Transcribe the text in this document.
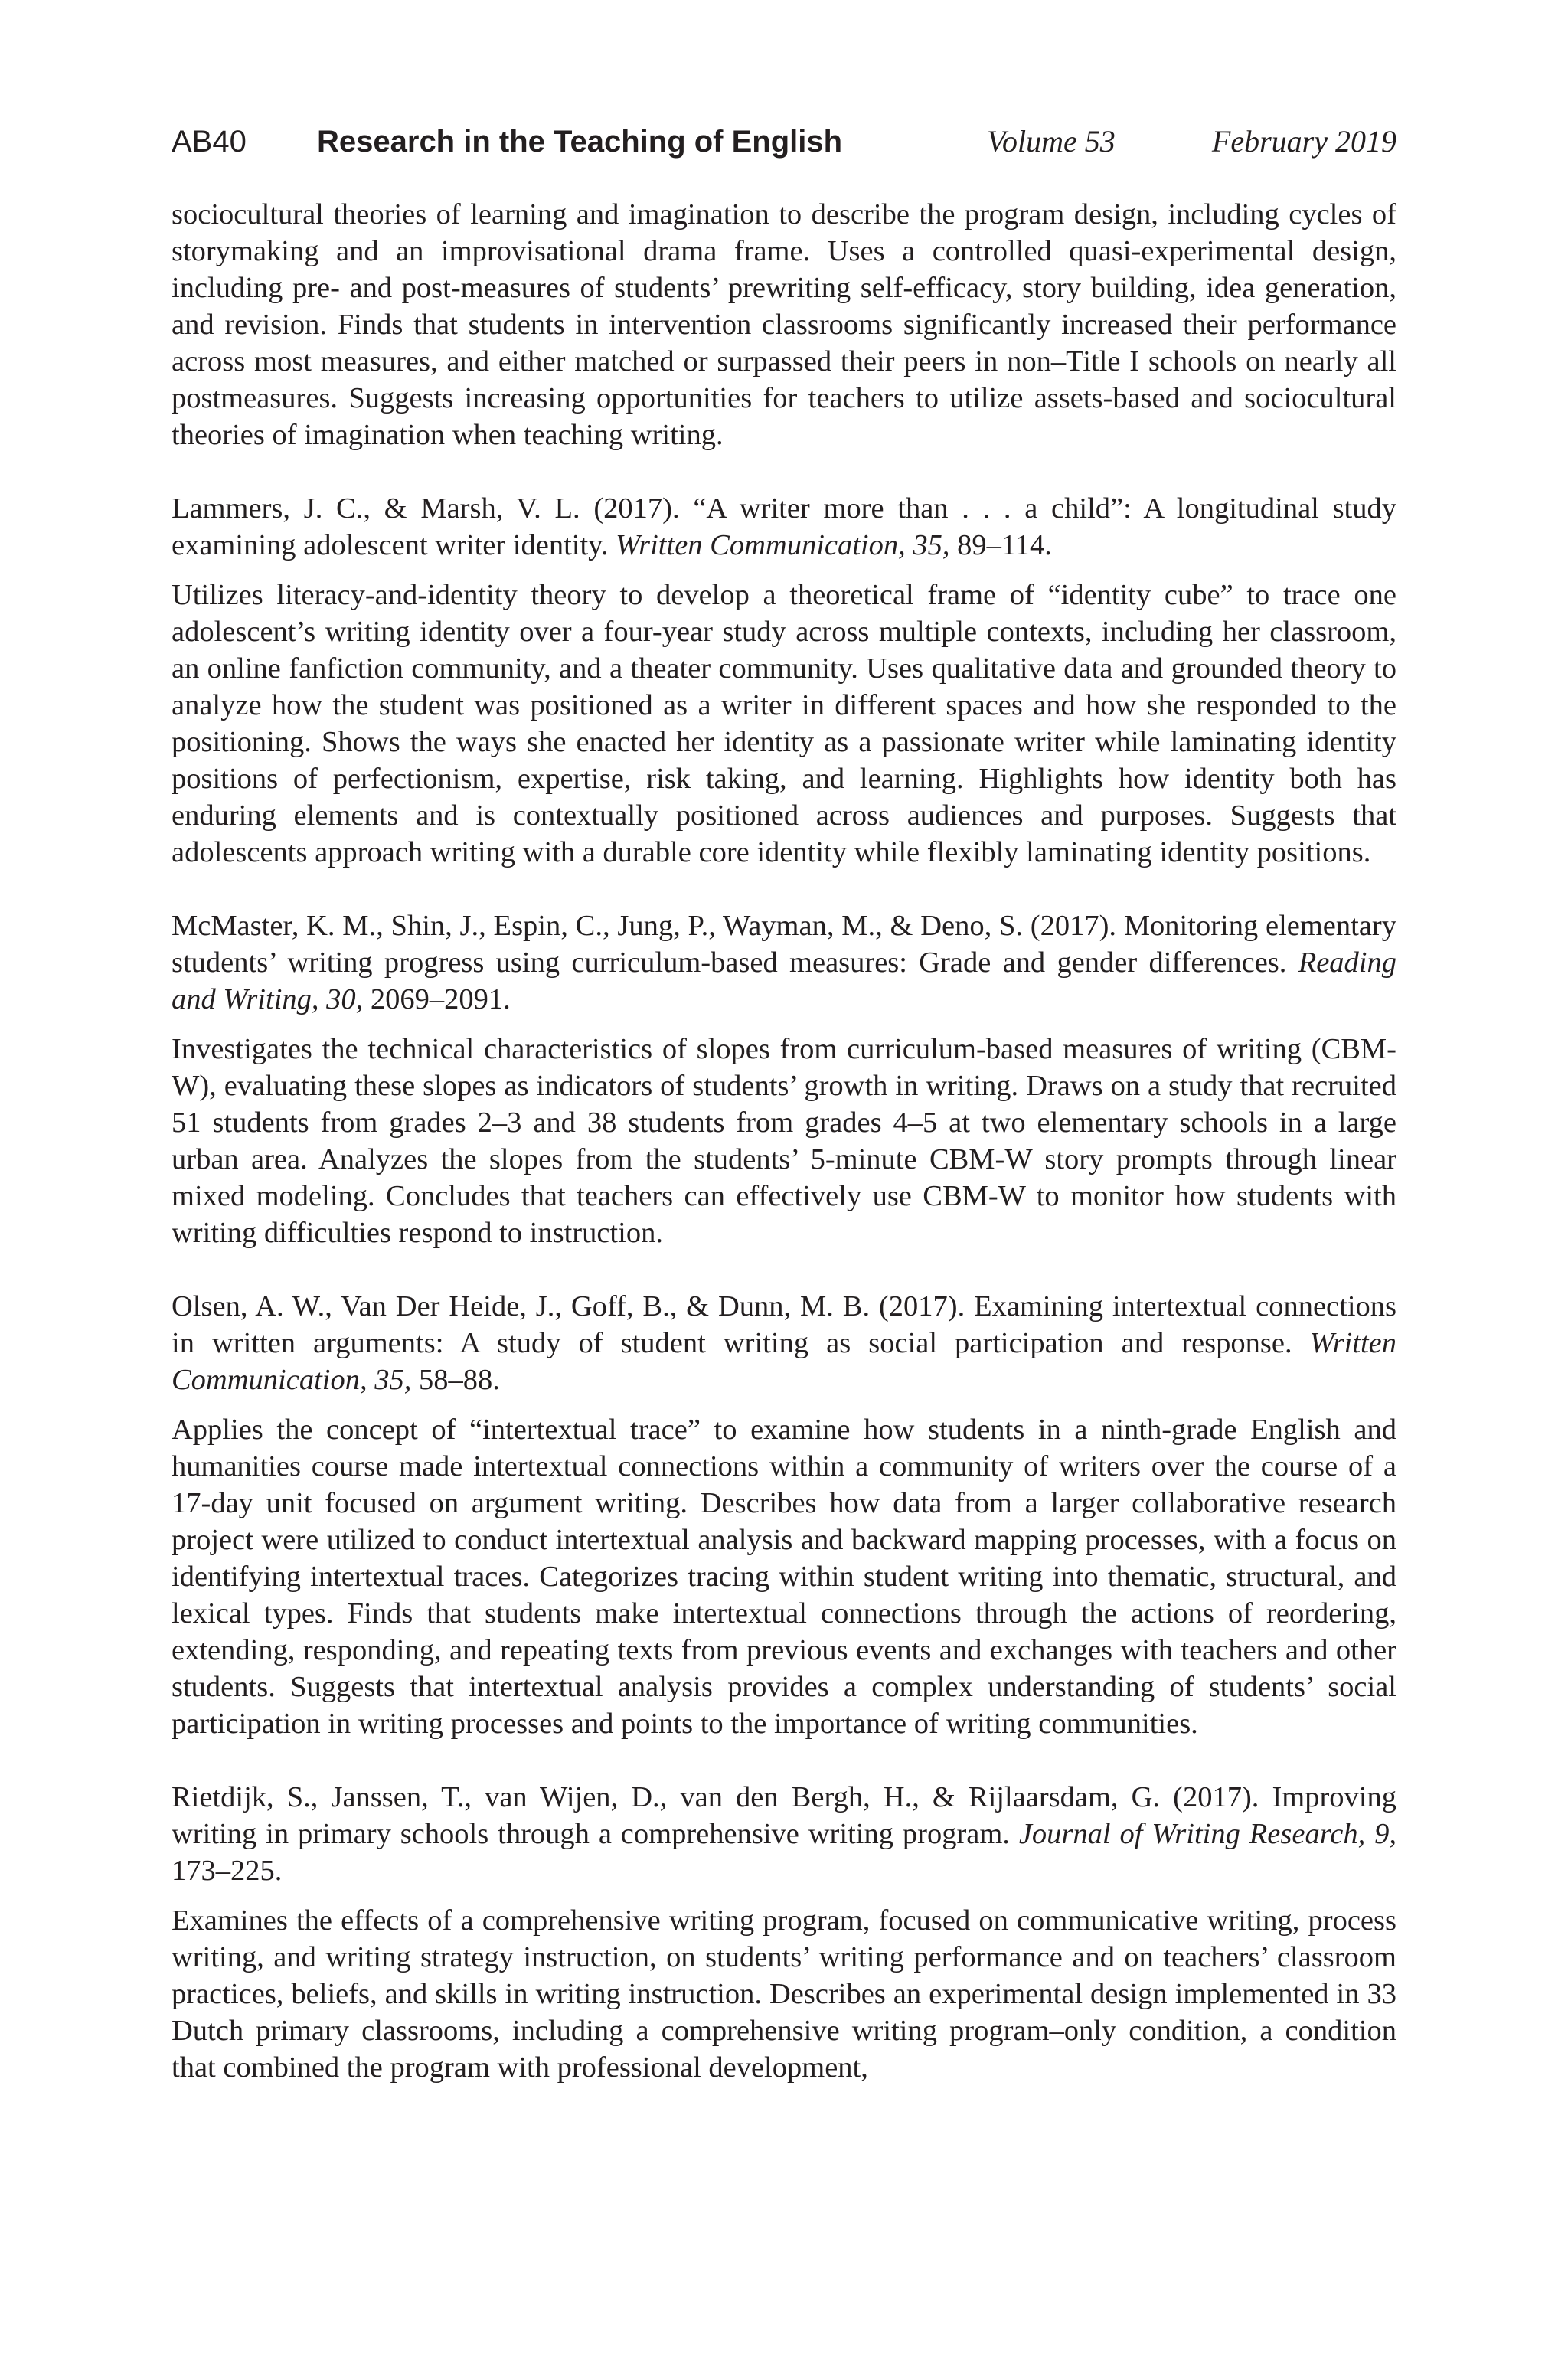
AB40 Research in the Teaching of English	Volume 53	February 2019

sociocultural theories of learning and imagination to describe the program design, including cycles of storymaking and an improvisational drama frame. Uses a controlled quasi-experimental design, including pre- and post-measures of students’ prewriting self-efficacy, story building, idea generation, and revision. Finds that students in intervention classrooms significantly increased their performance across most measures, and either matched or surpassed their peers in non–Title I schools on nearly all postmeasures. Suggests increasing opportunities for teachers to utilize assets-based and sociocultural theories of imagination when teaching writing.

Lammers, J. C., & Marsh, V. L. (2017). “A writer more than . . . a child”: A longitudinal study examining adolescent writer identity. Written Communication, 35, 89–114.

Utilizes literacy-and-identity theory to develop a theoretical frame of “identity cube” to trace one adolescent’s writing identity over a four-year study across multiple contexts, including her classroom, an online fanfiction community, and a theater community. Uses qualitative data and grounded theory to analyze how the student was positioned as a writer in different spaces and how she responded to the positioning. Shows the ways she enacted her identity as a passionate writer while laminating identity positions of perfectionism, expertise, risk taking, and learning. Highlights how identity both has enduring elements and is contextually positioned across audiences and purposes. Suggests that adolescents approach writing with a durable core identity while flexibly laminating identity positions.

McMaster, K. M., Shin, J., Espin, C., Jung, P., Wayman, M., & Deno, S. (2017). Monitoring elementary students’ writing progress using curriculum-based measures: Grade and gender differences. Reading and Writing, 30, 2069–2091.

Investigates the technical characteristics of slopes from curriculum-based measures of writing (CBM-W), evaluating these slopes as indicators of students’ growth in writing. Draws on a study that recruited 51 students from grades 2–3 and 38 students from grades 4–5 at two elementary schools in a large urban area. Analyzes the slopes from the students’ 5-minute CBM-W story prompts through linear mixed modeling. Concludes that teachers can effectively use CBM-W to monitor how students with writing difficulties respond to instruction.

Olsen, A. W., Van Der Heide, J., Goff, B., & Dunn, M. B. (2017). Examining intertextual connections in written arguments: A study of student writing as social participation and response. Written Communication, 35, 58–88.

Applies the concept of “intertextual trace” to examine how students in a ninth-grade English and humanities course made intertextual connections within a community of writers over the course of a 17-day unit focused on argument writing. Describes how data from a larger collaborative research project were utilized to conduct intertextual analysis and backward mapping processes, with a focus on identifying intertextual traces. Categorizes tracing within student writing into thematic, structural, and lexical types. Finds that students make intertextual connections through the actions of reordering, extending, responding, and repeating texts from previous events and exchanges with teachers and other students. Suggests that intertextual analysis provides a complex understanding of students’ social participation in writing processes and points to the importance of writing communities.

Rietdijk, S., Janssen, T., van Wijen, D., van den Bergh, H., & Rijlaarsdam, G. (2017). Improving writing in primary schools through a comprehensive writing program. Journal of Writing Research, 9, 173–225.

Examines the effects of a comprehensive writing program, focused on communicative writing, process writing, and writing strategy instruction, on students’ writing performance and on teachers’ classroom practices, beliefs, and skills in writing instruction. Describes an experimental design implemented in 33 Dutch primary classrooms, including a comprehensive writing program–only condition, a condition that combined the program with professional development,
